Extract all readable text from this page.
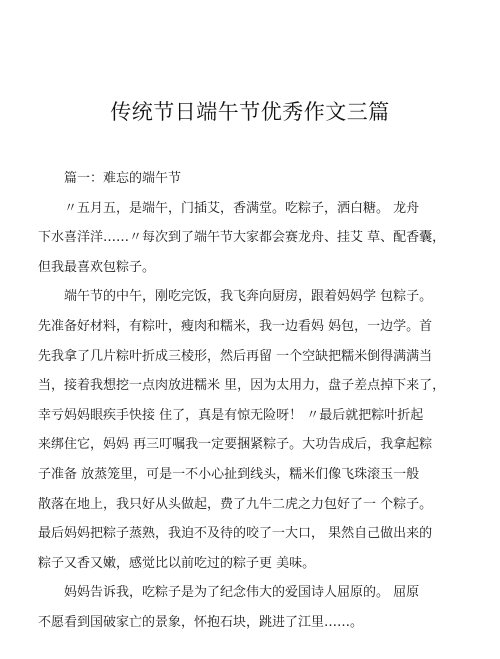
传统节日端午节优秀作文三篇
　　篇一：难忘的端午节
　　〃五月五，是端午，门插艾，香满堂。吃粽子，洒白糖。 龙舟
下水喜洋洋……〃每次到了端午节大家都会赛龙舟、挂艾 草、配香囊，
但我最喜欢包粽子。
　　端午节的中午，刚吃完饭，我飞奔向厨房，跟着妈妈学 包粽子。
先准备好材料，有粽叶，瘦肉和糯米，我一边看妈 妈包，一边学。首
先我拿了几片粽叶折成三棱形，然后再留 一个空缺把糯米倒得满满当
当，接着我想挖一点肉放进糯米 里，因为太用力，盘子差点掉下来了，
幸亏妈妈眼疾手快接 住了，真是有惊无险呀！ 〃最后就把粽叶折起
来绑住它，妈妈 再三叮嘱我一定要捆紧粽子。大功告成后，我拿起粽
子准备 放蒸笼里，可是一不小心扯到线头，糯米们像飞珠滚玉一般
散落在地上，我只好从头做起，费了九牛二虎之力包好了一 个粽子。
最后妈妈把粽子蒸熟，我迫不及待的咬了一大口， 果然自己做出来的
粽子又香又嫩，感觉比以前吃过的粽子更 美味。
　　妈妈告诉我，吃粽子是为了纪念伟大的爱国诗人屈原的。 屈原
不愿看到国破家亡的景象，怀抱石块，跳进了江里……。
